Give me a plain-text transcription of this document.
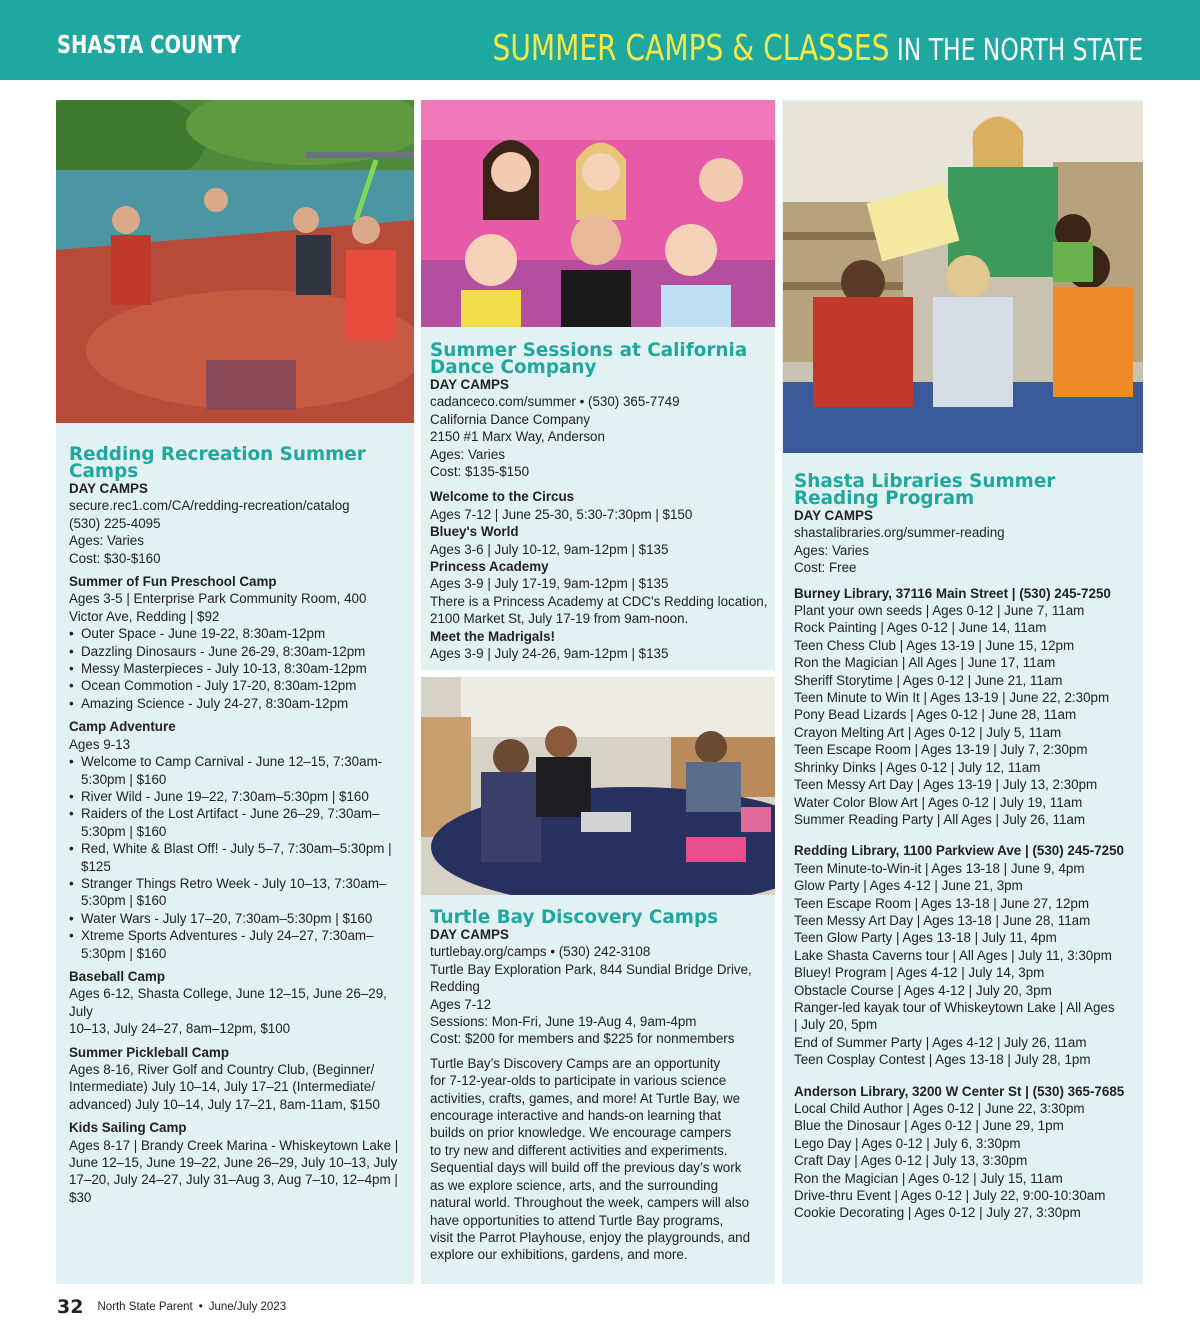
SHASTA COUNTY	SUMMER CAMPS & CLASSES IN THE NORTH STATE
Redding Recreation Summer Camps
DAY CAMPS
secure.rec1.com/CA/redding-recreation/catalog
(530) 225-4095
Ages: Varies
Cost: $30-$160
Summer of Fun Preschool Camp
Ages 3-5 | Enterprise Park Community Room, 400
Victor Ave, Redding | $92
• Outer Space - June 19-22, 8:30am-12pm
• Dazzling Dinosaurs - June 26-29, 8:30am-12pm
• Messy Masterpieces - July 10-13, 8:30am-12pm
• Ocean Commotion - July 17-20, 8:30am-12pm
• Amazing Science - July 24-27, 8:30am-12pm
Camp Adventure
Ages 9-13
• Welcome to Camp Carnival - June 12–15, 7:30am-
5:30pm | $160
• River Wild - June 19–22, 7:30am–5:30pm | $160
• Raiders of the Lost Artifact - June 26–29, 7:30am–
5:30pm | $160
• Red, White & Blast Off! - July 5–7, 7:30am–5:30pm |
$125
• Stranger Things Retro Week - July 10–13, 7:30am–
5:30pm | $160
• Water Wars - July 17–20, 7:30am–5:30pm | $160
• Xtreme Sports Adventures - July 24–27, 7:30am–
5:30pm | $160
Baseball Camp
Ages 6-12, Shasta College, June 12–15, June 26–29, July
10–13, July 24–27, 8am–12pm, $100
Summer Pickleball Camp
Ages 8-16, River Golf and Country Club, (Beginner/
Intermediate) July 10–14, July 17–21 (Intermediate/
advanced) July 10–14, July 17–21, 8am-11am, $150
Kids Sailing Camp
Ages 8-17 | Brandy Creek Marina - Whiskeytown Lake |
June 12–15, June 19–22, June 26–29, July 10–13, July
17–20, July 24–27, July 31–Aug 3, Aug 7–10, 12–4pm |
$30
Summer Sessions at California Dance Company
DAY CAMPS
cadanceco.com/summer • (530) 365-7749
California Dance Company
2150 #1 Marx Way, Anderson
Ages: Varies
Cost: $135-$150
Welcome to the Circus
Ages 7-12 | June 25-30, 5:30-7:30pm | $150
Bluey's World
Ages 3-6 | July 10-12, 9am-12pm | $135
Princess Academy
Ages 3-9 | July 17-19, 9am-12pm | $135
There is a Princess Academy at CDC's Redding location,
2100 Market St, July 17-19 from 9am-noon.
Meet the Madrigals!
Ages 3-9 | July 24-26, 9am-12pm | $135
Turtle Bay Discovery Camps
DAY CAMPS
turtlebay.org/camps • (530) 242-3108
Turtle Bay Exploration Park, 844 Sundial Bridge Drive,
Redding
Ages 7-12
Sessions: Mon-Fri, June 19-Aug 4, 9am-4pm
Cost: $200 for members and $225 for nonmembers
Turtle Bay’s Discovery Camps are an opportunity
for 7-12-year-olds to participate in various science
activities, crafts, games, and more! At Turtle Bay, we
encourage interactive and hands-on learning that
builds on prior knowledge. We encourage campers
to try new and different activities and experiments.
Sequential days will build off the previous day’s work
as we explore science, arts, and the surrounding
natural world. Throughout the week, campers will also
have opportunities to attend Turtle Bay programs,
visit the Parrot Playhouse, enjoy the playgrounds, and
explore our exhibitions, gardens, and more.
Shasta Libraries Summer Reading Program
DAY CAMPS
shastalibraries.org/summer-reading
Ages: Varies
Cost: Free
Burney Library, 37116 Main Street | (530) 245-7250
Plant your own seeds | Ages 0-12 | June 7, 11am
Rock Painting | Ages 0-12 | June 14, 11am
Teen Chess Club | Ages 13-19 | June 15, 12pm
Ron the Magician | All Ages | June 17, 11am
Sheriff Storytime | Ages 0-12 | June 21, 11am
Teen Minute to Win It | Ages 13-19 | June 22, 2:30pm
Pony Bead Lizards | Ages 0-12 | June 28, 11am
Crayon Melting Art | Ages 0-12 | July 5, 11am
Teen Escape Room | Ages 13-19 | July 7, 2:30pm
Shrinky Dinks | Ages 0-12 | July 12, 11am
Teen Messy Art Day | Ages 13-19 | July 13, 2:30pm
Water Color Blow Art | Ages 0-12 | July 19, 11am
Summer Reading Party | All Ages | July 26, 11am
Redding Library, 1100 Parkview Ave | (530) 245-7250
Teen Minute-to-Win-it | Ages 13-18 | June 9, 4pm
Glow Party | Ages 4-12 | June 21, 3pm
Teen Escape Room | Ages 13-18 | June 27, 12pm
Teen Messy Art Day | Ages 13-18 | June 28, 11am
Teen Glow Party | Ages 13-18 | July 11, 4pm
Lake Shasta Caverns tour | All Ages | July 11, 3:30pm
Bluey! Program | Ages 4-12 | July 14, 3pm
Obstacle Course | Ages 4-12 | July 20, 3pm
Ranger-led kayak tour of Whiskeytown Lake | All Ages
| July 20, 5pm
End of Summer Party | Ages 4-12 | July 26, 11am
Teen Cosplay Contest | Ages 13-18 | July 28, 1pm
Anderson Library, 3200 W Center St | (530) 365-7685
Local Child Author | Ages 0-12 | June 22, 3:30pm
Blue the Dinosaur | Ages 0-12 | June 29, 1pm
Lego Day | Ages 0-12 | July 6, 3:30pm
Craft Day | Ages 0-12 | July 13, 3:30pm
Ron the Magician | Ages 0-12 | July 15, 11am
Drive-thru Event | Ages 0-12 | July 22, 9:00-10:30am
Cookie Decorating | Ages 0-12 | July 27, 3:30pm
32 North State Parent • June/July 2023
